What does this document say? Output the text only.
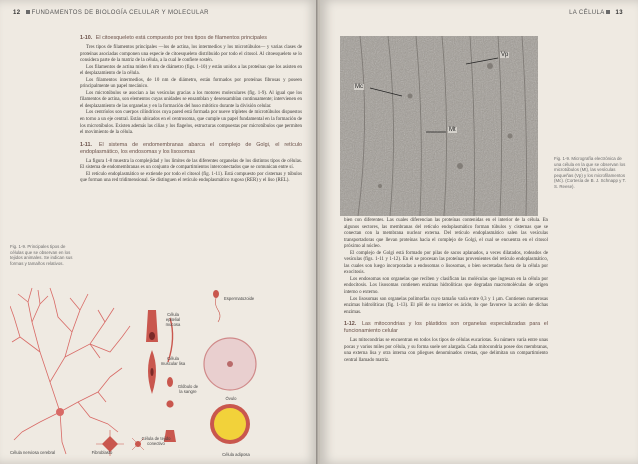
12 FUNDAMENTOS DE BIOLOGÍA CELULAR Y MOLECULAR
1-10. El citoesqueleto está compuesto por tres tipos de filamentos principales

Tres tipos de filamentos principales —los de actina, los intermedios y los microtúbulos— y varias clases de proteínas asociadas componen una especie de citoesqueleto distribuido por todo el citosol. Al citoesqueleto se lo considera parte de la matriz de la célula, a la cual le confiere sostén.

Los filamentos de actina miden 8 nm de diámetro (figs. 1-10) y están unidos a las proteínas que los asisten en el desplazamiento de la célula.

Los filamentos intermedios, de 10 nm de diámetro, están formados por proteínas fibrosas y poseen principalmente un papel mecánico.

Los microtúbulos se asocian a las vesículas gracias a los motores moleculares (fig. 1-9). Al igual que los filamentos de actina, son elementos cuyas unidades se ensamblan y desensamblan continuamente; intervienen en el desplazamiento de las organelas y en la formación del huso mitótico durante la división celular.

Los centríolos son cuerpos cilíndricos cuya pared está formada por nueve tripletes de microtúbulos dispuestos en torno a un eje central. Están ubicados en el centrosoma, que cumple un papel fundamental en la formación de los microtúbulos. Existen además las cilias y los flagelos, estructuras compuestas por microtúbulos que permiten el movimiento de la célula.

1-11. El sistema de endomembranas abarca el complejo de Golgi, el retículo endoplasmático, los endosomas y los lisosomas

La figura 1-8 muestra la complejidad y los límites de las diferentes organelas de los distintos tipos de células. El sistema de endomembranas es un conjunto de compartimientos interconectados que se comunican entre sí.

El retículo endoplasmático se extiende por todo el citosol (fig. 1-11). Está compuesto por cisternas y túbulos que forman una red tridimensional. Se distinguen el retículo endoplasmático rugoso (RER) y el liso (REL).

Fig. 1-9. Principales tipos de células que se observan en los tejidos animales. Se indican sus formas y tamaños relativos.
Célula nerviosa cerebral
Célula epitelial mucosa
Célula muscular lisa
Espermatozoide
Óvulo
Célula adiposa
Glóbulo de la sangre
Célula de tejido conectivo
Fibroblasto
LA CÉLULA 13
Fig. 1-9. Micrografía electrónica de una célula en la que se observan los microtúbulos (Mt), las vesículas pequeñas (Vp) y los microfilamentos (Mc). (Cortesía de B. J. Schnapp y T. S. Reese).

bien con diferentes. Las cuales diferencian las proteínas contenidas en el interior de la célula. En algunos sectores, las membranas del retículo endoplasmático forman túbulos y cisternas que se conectan con la membrana nuclear externa. Del retículo endoplasmático salen las vesículas transportadoras que llevan proteínas hacia el complejo de Golgi, el cual se encuentra en el citosol próximo al núcleo.

El complejo de Golgi está formado por pilas de sacos aplanados, a veces dilatados, rodeados de vesículas (figs. 1-11 y 1-12). En él se procesan las proteínas provenientes del retículo endoplasmático, las cuales son luego incorporadas a endosomas o lisosomas, o bien secretadas fuera de la célula por exocitosis.

Los endosomas son organelas que reciben y clasifican las moléculas que ingresan en la célula por endocitosis. Los lisosomas contienen enzimas hidrolíticas que degradan macromoléculas de origen interno o externo.

Los lisosomas son organelas polimorfas cuyo tamaño varía entre 0,3 y 1 µm. Contienen numerosas enzimas hidrolíticas (fig. 1-13). El pH de su interior es ácido, lo que favorece la acción de dichas enzimas.

1-12. Las mitocondrias y los plástidos son organelas especializadas para el funcionamiento celular

Las mitocondrias se encuentran en todos los tipos de células eucariotas. Su número varía entre unas pocas y varios miles por célula, y su forma suele ser alargada. Cada mitocondria posee dos membranas, una externa lisa y otra interna con pliegues denominados crestas, que delimitan un compartimiento central llamado matriz.

Vp
Mc
Mt
